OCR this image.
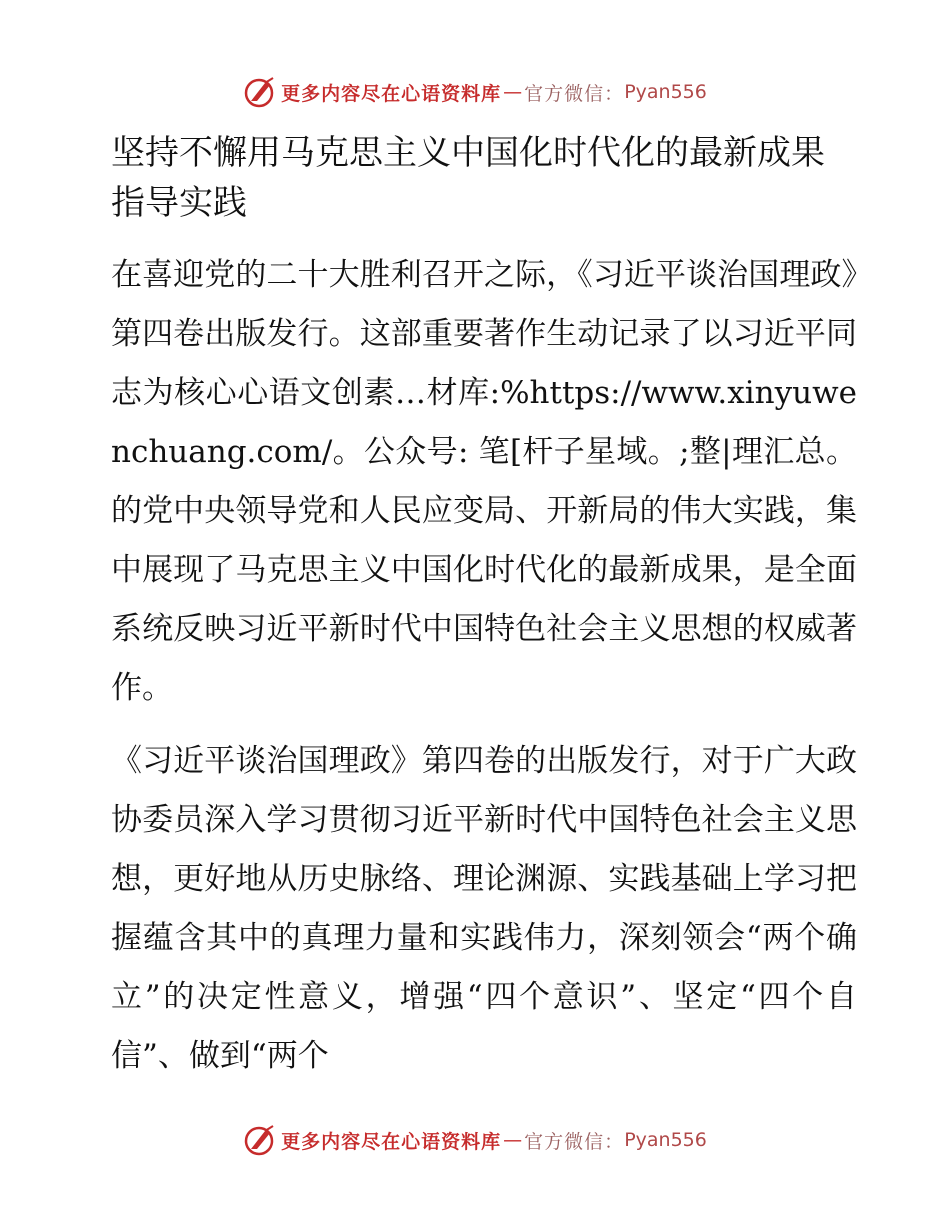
更多内容尽在心语资料库 — 官方微信： Pyan556
坚持不懈用马克思主义中国化时代化的最新成果指导实践

在喜迎党的二十大胜利召开之际，《习近平谈治国理政》第四卷出版发行。这部重要著作生动记录了以习近平同志为核心心语文创素…材库:%https://www.xinyuwenchuang.com/。公众号: 笔[杆子星域。;整|理汇总。的党中央领导党和人民应变局、开新局的伟大实践，集中展现了马克思主义中国化时代化的最新成果，是全面系统反映习近平新时代中国特色社会主义思想的权威著作。

《习近平谈治国理政》第四卷的出版发行，对于广大政协委员深入学习贯彻习近平新时代中国特色社会主义思想，更好地从历史脉络、理论渊源、实践基础上学习把握蕴含其中的真理力量和实践伟力，深刻领会“两个确立”的决定性意义，增强“四个意识”、坚定“四个自信”、做到“两个

更多内容尽在心语资料库 — 官方微信： Pyan556
